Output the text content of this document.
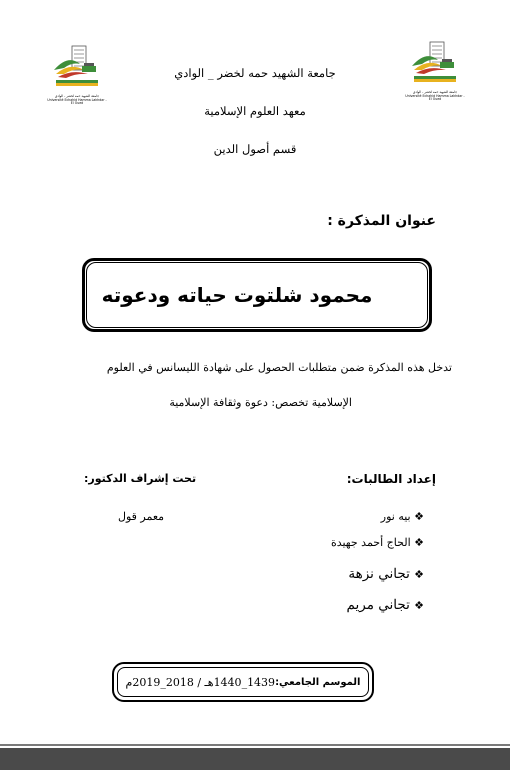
جامعة الشهيد حمه لخضر - الوادي
Université Echahid Hamma Lakhdar - El Oued
جامعة الشهيد حمه لخضر - الوادي
Université Echahid Hamma Lakhdar - El Oued
جامعة الشهيد حمه لخضر _ الوادي
معهد العلوم الإسلامية
قسم أصول الدين
عنوان المذكرة :
محمود شلتوت حياته ودعوته
تدخل هذه المذكرة ضمن متطلبات الحصول على شهادة الليسانس في العلوم
الإسلامية تخصص: دعوة وثقافة الإسلامية
إعداد الطالبات:
تحت إشراف الدكتور:
❖ بيه نور
❖ الحاج أحمد جهيدة
❖ تجاني نزهة
❖ تجاني مريم
معمر قول
الموسم الجامعي:
1439_1440هـ / 2018_2019م
